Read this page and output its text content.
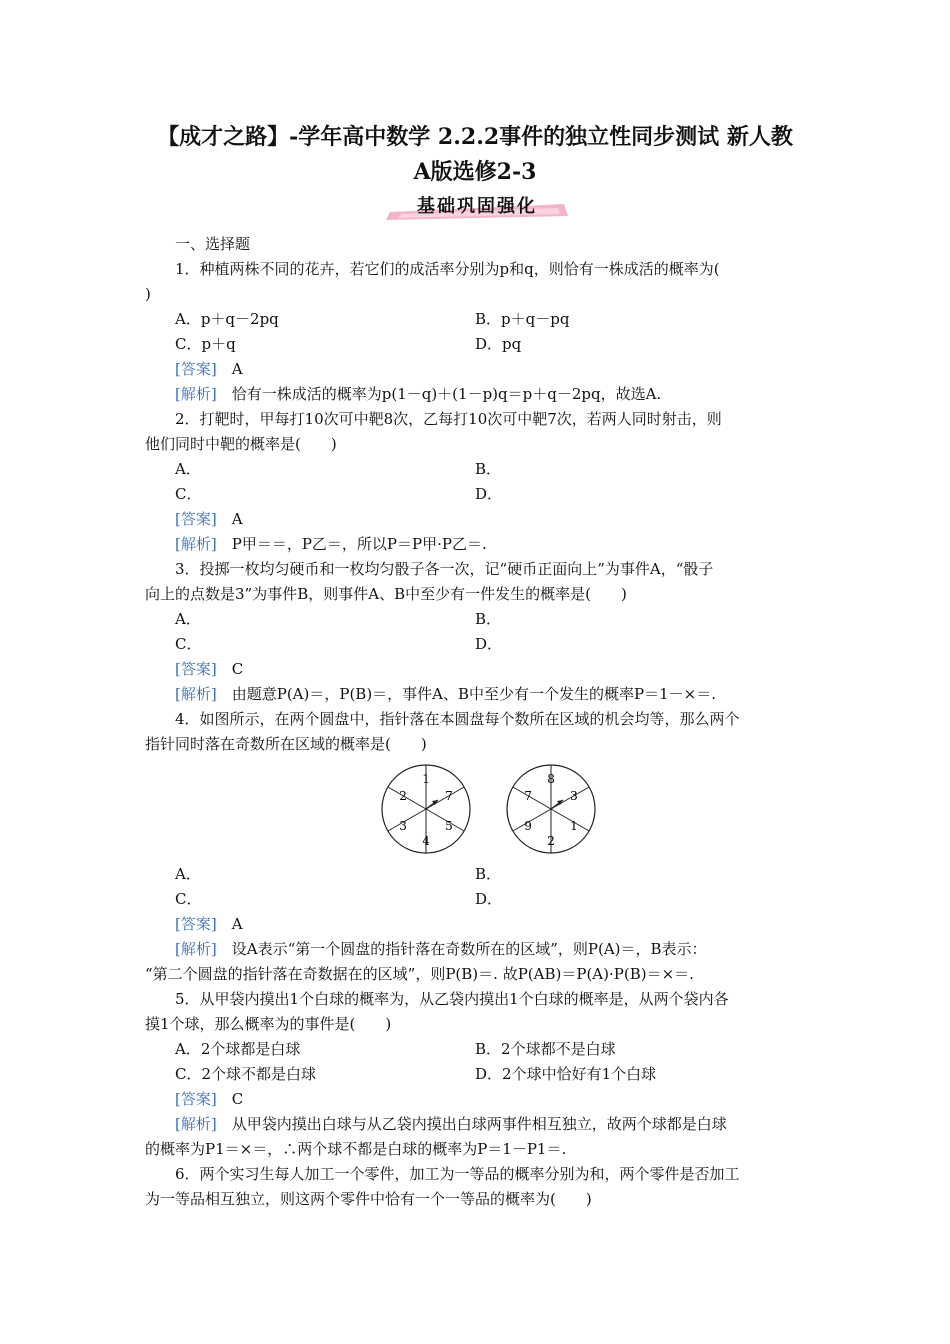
【成才之路】-学年高中数学 2.2.2事件的独立性同步测试 新人教
A版选修2-3
基础巩固强化
一、选择题
1．种植两株不同的花卉，若它们的成活率分别为p和q，则恰有一株成活的概率为(
)
A．p＋q－2pq	B．p＋q－pq
C．p＋q	D．pq
[答案]　 A
[解析]　 恰有一株成活的概率为p(1－q)＋(1－p)q＝p＋q－2pq，故选A.
2．打靶时，甲每打10次可中靶8次，乙每打10次可中靶7次，若两人同时射击，则
他们同时中靶的概率是(　　)
A．	B．
C．	D．
[答案]　 A
[解析]　 P甲＝＝，P乙＝，所以P＝P甲·P乙＝.
3．投掷一枚均匀硬币和一枚均匀骰子各一次，记“硬币正面向上”为事件A，“骰子
向上的点数是3”为事件B，则事件A、B中至少有一件发生的概率是(　　)
A．	B．
C．	D．
[答案]　 C
[解析]　 由题意P(A)＝，P(B)＝，事件A、B中至少有一个发生的概率P＝1－×＝.
4．如图所示，在两个圆盘中，指针落在本圆盘每个数所在区域的机会均等，那么两个
指针同时落在奇数所在区域的概率是(　　)
1
7
5
4
3
2
8
3
1
2
9
7
A．	B．
C．	D．
[答案]　 A
[解析]　 设A表示“第一个圆盘的指针落在奇数所在的区域”，则P(A)＝，B表示：
“第二个圆盘的指针落在奇数据在的区域”，则P(B)＝. 故P(AB)＝P(A)·P(B)＝×＝.
5．从甲袋内摸出1个白球的概率为，从乙袋内摸出1个白球的概率是，从两个袋内各
摸1个球，那么概率为的事件是(　　)
A．2个球都是白球	B．2个球都不是白球
C．2个球不都是白球	D．2个球中恰好有1个白球
[答案]　 C
[解析]　 从甲袋内摸出白球与从乙袋内摸出白球两事件相互独立，故两个球都是白球
的概率为P1＝×＝，∴两个球不都是白球的概率为P＝1－P1＝.
6．两个实习生每人加工一个零件，加工为一等品的概率分别为和，两个零件是否加工
为一等品相互独立，则这两个零件中恰有一个一等品的概率为(　　)
